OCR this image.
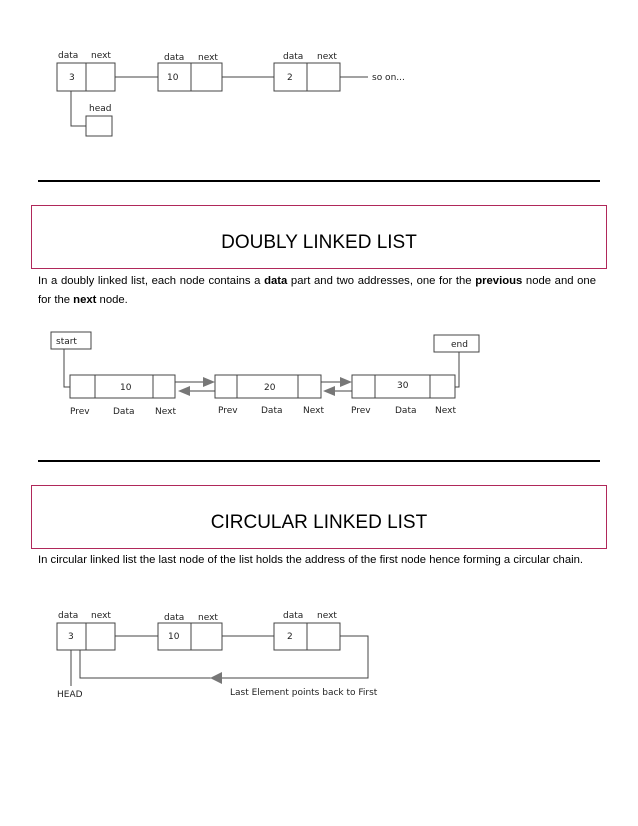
data next	data next	data next
3	10	2
head
so on...
DOUBLY LINKED LIST
In a doubly linked list, each node contains a data part and two addresses, one for the previous node and one for the next node.
start	end
10	20	30
Prev	Data Next	Prev	Data Next	Prev	Data Next
CIRCULAR LINKED LIST
In circular linked list the last node of the list holds the address of the first node hence forming a circular chain.
data next	data next	data next
3	10	2
HEAD	Last Element points back to First
